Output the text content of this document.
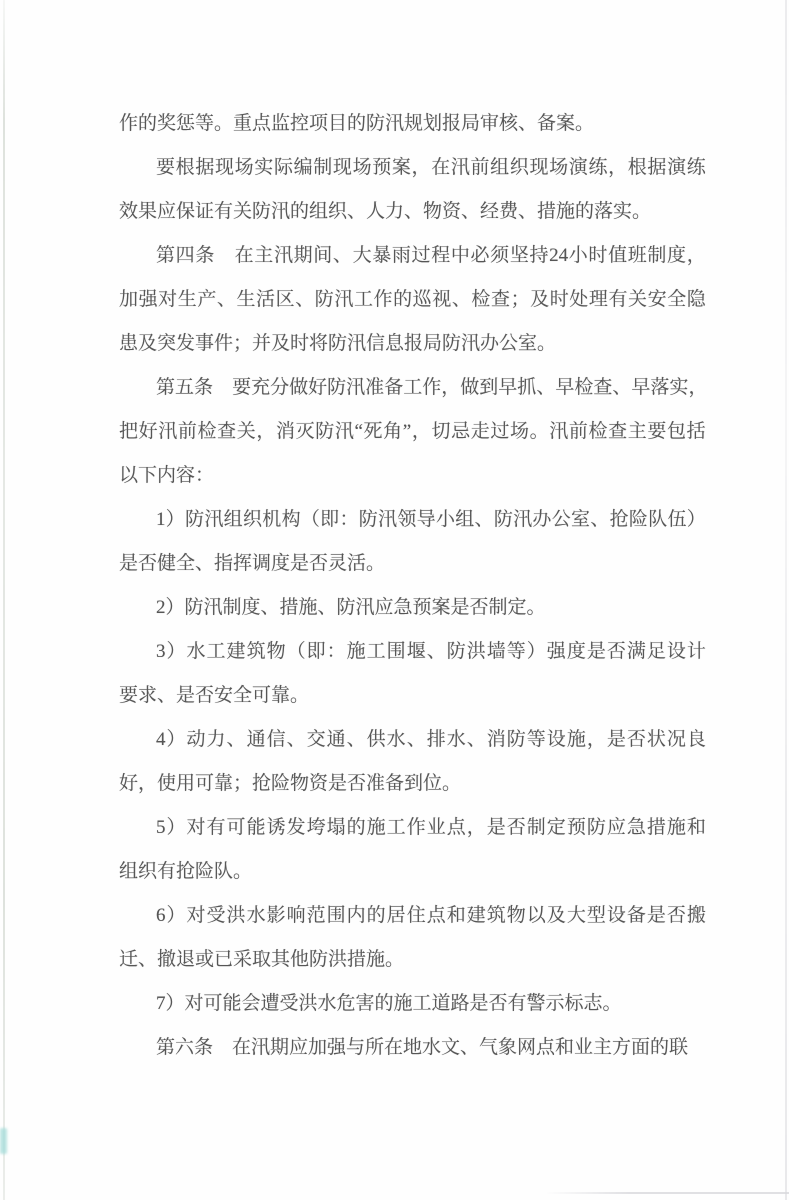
作的奖惩等。重点监控项目的防汛规划报局审核、备案。
要 根 据 现 场 实 际 编 制 现 场 预 案 ， 在 汛 前 组 织 现 场 演 练 ， 根 据 演 练
效果应保证有关防汛的组织、人力、物资、经费、措施的落实。
第 四 条
　 在 主 汛 期 间 、 大 暴 雨 过 程 中 必 须 坚 持 24 小 时 值 班 制 度 ，
加 强 对 生 产 、 生 活 区 、 防 汛 工 作 的 巡 视 、 检 查 ； 及 时 处 理 有 关 安 全 隐
患及突发事件；并及时将防汛信息报局防汛办公室。
第 五 条
　 要 充 分 做 好 防 汛 准 备 工 作 ， 做 到 早 抓 、 早 检 查 、 早 落 实 ，
把 好 汛 前 检 查 关 ， 消 灭 防 汛 “ 死 角 ” ， 切 忌 走 过 场 。 汛 前 检 查 主 要 包 括
以下内容：
1 ） 防 汛 组 织 机 构 （ 即 ： 防 汛 领 导 小 组 、 防 汛 办 公 室 、 抢 险 队 伍 ）
是否健全、指挥调度是否灵活。
2）防汛制度、措施、防汛应急预案是否制定。
3 ） 水 工 建 筑 物 （ 即 ： 施 工 围 堰 、 防 洪 墙 等 ） 强 度 是 否 满 足 设 计
要求、是否安全可靠。
4 ） 动 力 、 通 信 、 交 通 、 供 水 、 排 水 、 消 防 等 设 施 ， 是 否 状 况 良
好，使用可靠；抢险物资是否准备到位。
5 ） 对 有 可 能 诱 发 垮 塌 的 施 工 作 业 点 ， 是 否 制 定 预 防 应 急 措 施 和
组织有抢险队。
6 ） 对 受 洪 水 影 响 范 围 内 的 居 住 点 和 建 筑 物 以 及 大 型 设 备 是 否 搬
迁、撤退或已采取其他防洪措施。
7）对可能会遭受洪水危害的施工道路是否有警示标志。
第六条　在汛期应加强与所在地水文、气象网点和业主方面的联
